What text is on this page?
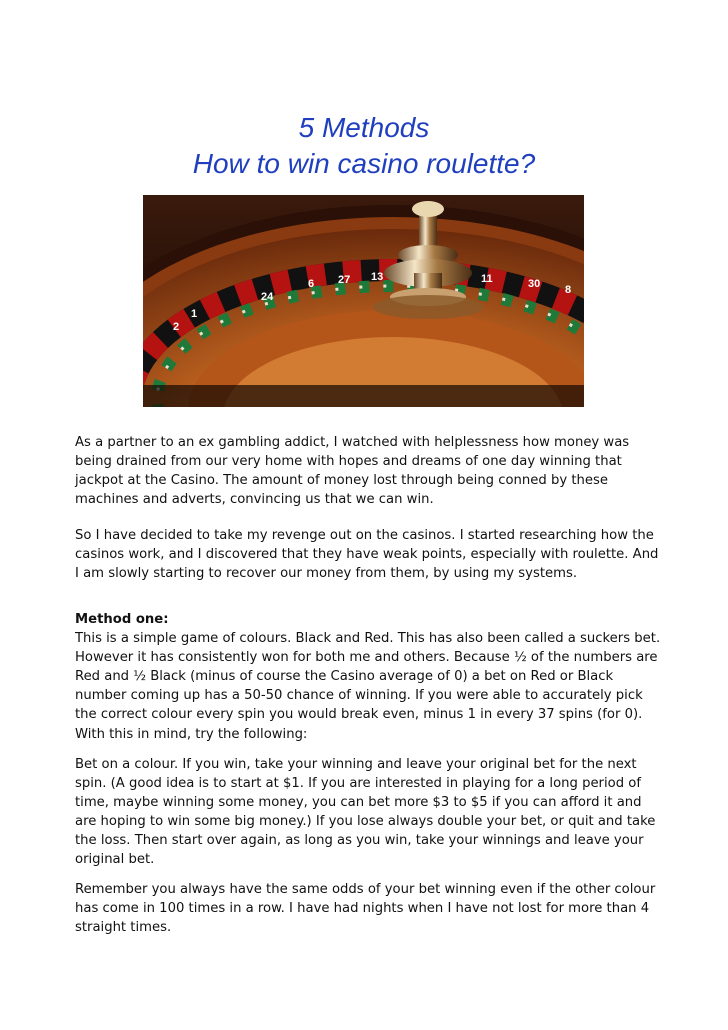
5 Methods
How to win casino roulette?
24
6 27 13	11	30 8
2
1

As a partner to an ex gambling addict, I watched with helplessness how money was being drained from our very home with hopes and dreams of one day winning that jackpot at the Casino. The amount of money lost through being conned by these machines and adverts, convincing us that we can win.

So I have decided to take my revenge out on the casinos. I started researching how the casinos work, and I discovered that they have weak points, especially with roulette. And I am slowly starting to recover our money from them, by using my systems.

Method one:

This is a simple game of colours. Black and Red. This has also been called a suckers bet. However it has consistently won for both me and others. Because ½ of the numbers are Red and ½ Black (minus of course the Casino average of 0) a bet on Red or Black number coming up has a 50-50 chance of winning. If you were able to accurately pick the correct colour every spin you would break even, minus 1 in every 37 spins (for 0). With this in mind, try the following:

Bet on a colour. If you win, take your winning and leave your original bet for the next spin. (A good idea is to start at $1. If you are interested in playing for a long period of time, maybe winning some money, you can bet more $3 to $5 if you can afford it and are hoping to win some big money.) If you lose always double your bet, or quit and take the loss. Then start over again, as long as you win, take your winnings and leave your original bet.

Remember you always have the same odds of your bet winning even if the other colour has come in 100 times in a row. I have had nights when I have not lost for more than 4 straight times.
